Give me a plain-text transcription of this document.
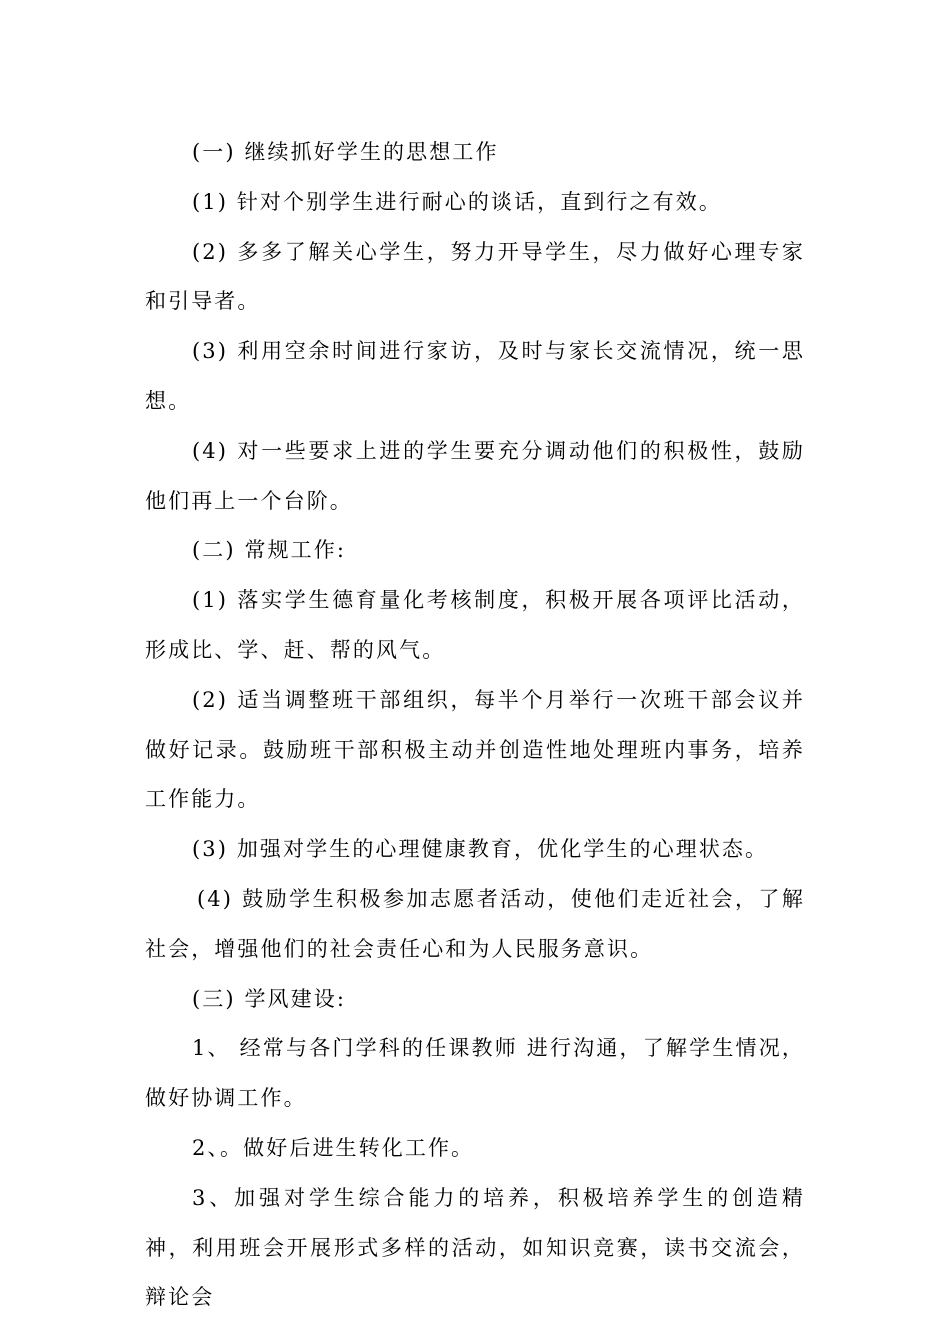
(一) 继续抓好学生的思想工作

(1) 针对个别学生进行耐心的谈话，直到行之有效。

(2) 多多了解关心学生，努力开导学生，尽力做好心理专家和引导者。

(3) 利用空余时间进行家访，及时与家长交流情况，统一思想。

(4) 对一些要求上进的学生要充分调动他们的积极性，鼓励他们再上一个台阶。

(二) 常规工作:

(1) 落实学生德育量化考核制度，积极开展各项评比活动，形成比、学、赶、帮的风气。

(2) 适当调整班干部组织，每半个月举行一次班干部会议并做好记录。鼓励班干部积极主动并创造性地处理班内事务，培养工作能力。

(3) 加强对学生的心理健康教育，优化学生的心理状态。

(4) 鼓励学生积极参加志愿者活动，使他们走近社会，了解社会，增强他们的社会责任心和为人民服务意识。

(三) 学风建设:

1、 经常与各门学科的任课教师 进行沟通，了解学生情况，做好协调工作。

2、。做好后进生转化工作。

3、加强对学生综合能力的培养，积极培养学生的创造精神，利用班会开展形式多样的活动，如知识竞赛，读书交流会，辩论会
